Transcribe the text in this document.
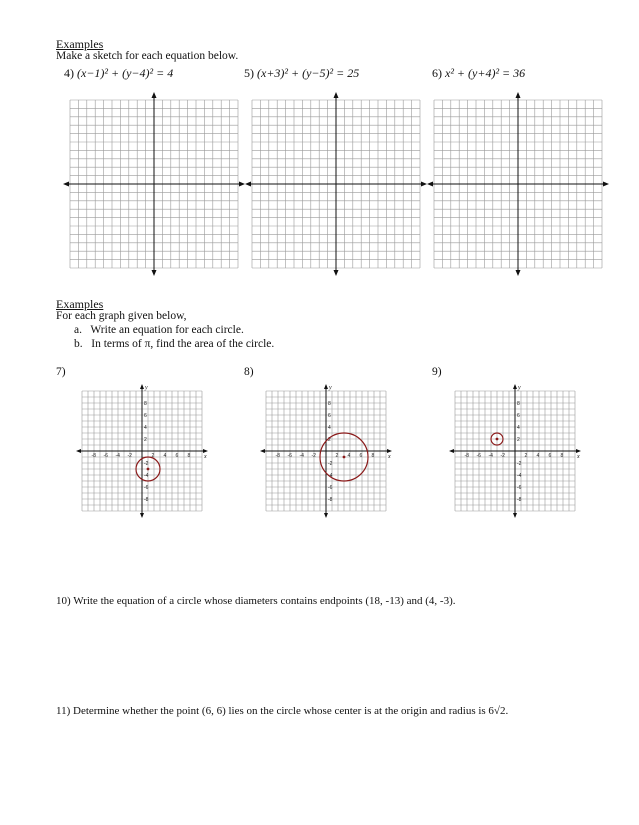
Examples
Make a sketch for each equation below.
4) (x−1)² + (y−4)² = 4	5) (x+3)² + (y−5)² = 25	6) x² + (y+4)² = 36
Examples
For each graph given below,
a. Write an equation for each circle.
b. In terms of π, find the area of the circle.
7)	8)	9)
y
x
-8 -6 -4 -2	2 4 6 8
8
6
4
2
-2
-4
-6
-8
y
x
-8 -6 -4 -2	2 4 6 8
8
6
4
2
-2
-4
-6
-8
y
x
-8 -6 -4 -2	2 4 6 8
8
6
4
2
-2
-4
-6
-8
10) Write the equation of a circle whose diameters contains endpoints (18, -13) and (4, -3).
11) Determine whether the point (6, 6) lies on the circle whose center is at the origin and radius is 6√2.
